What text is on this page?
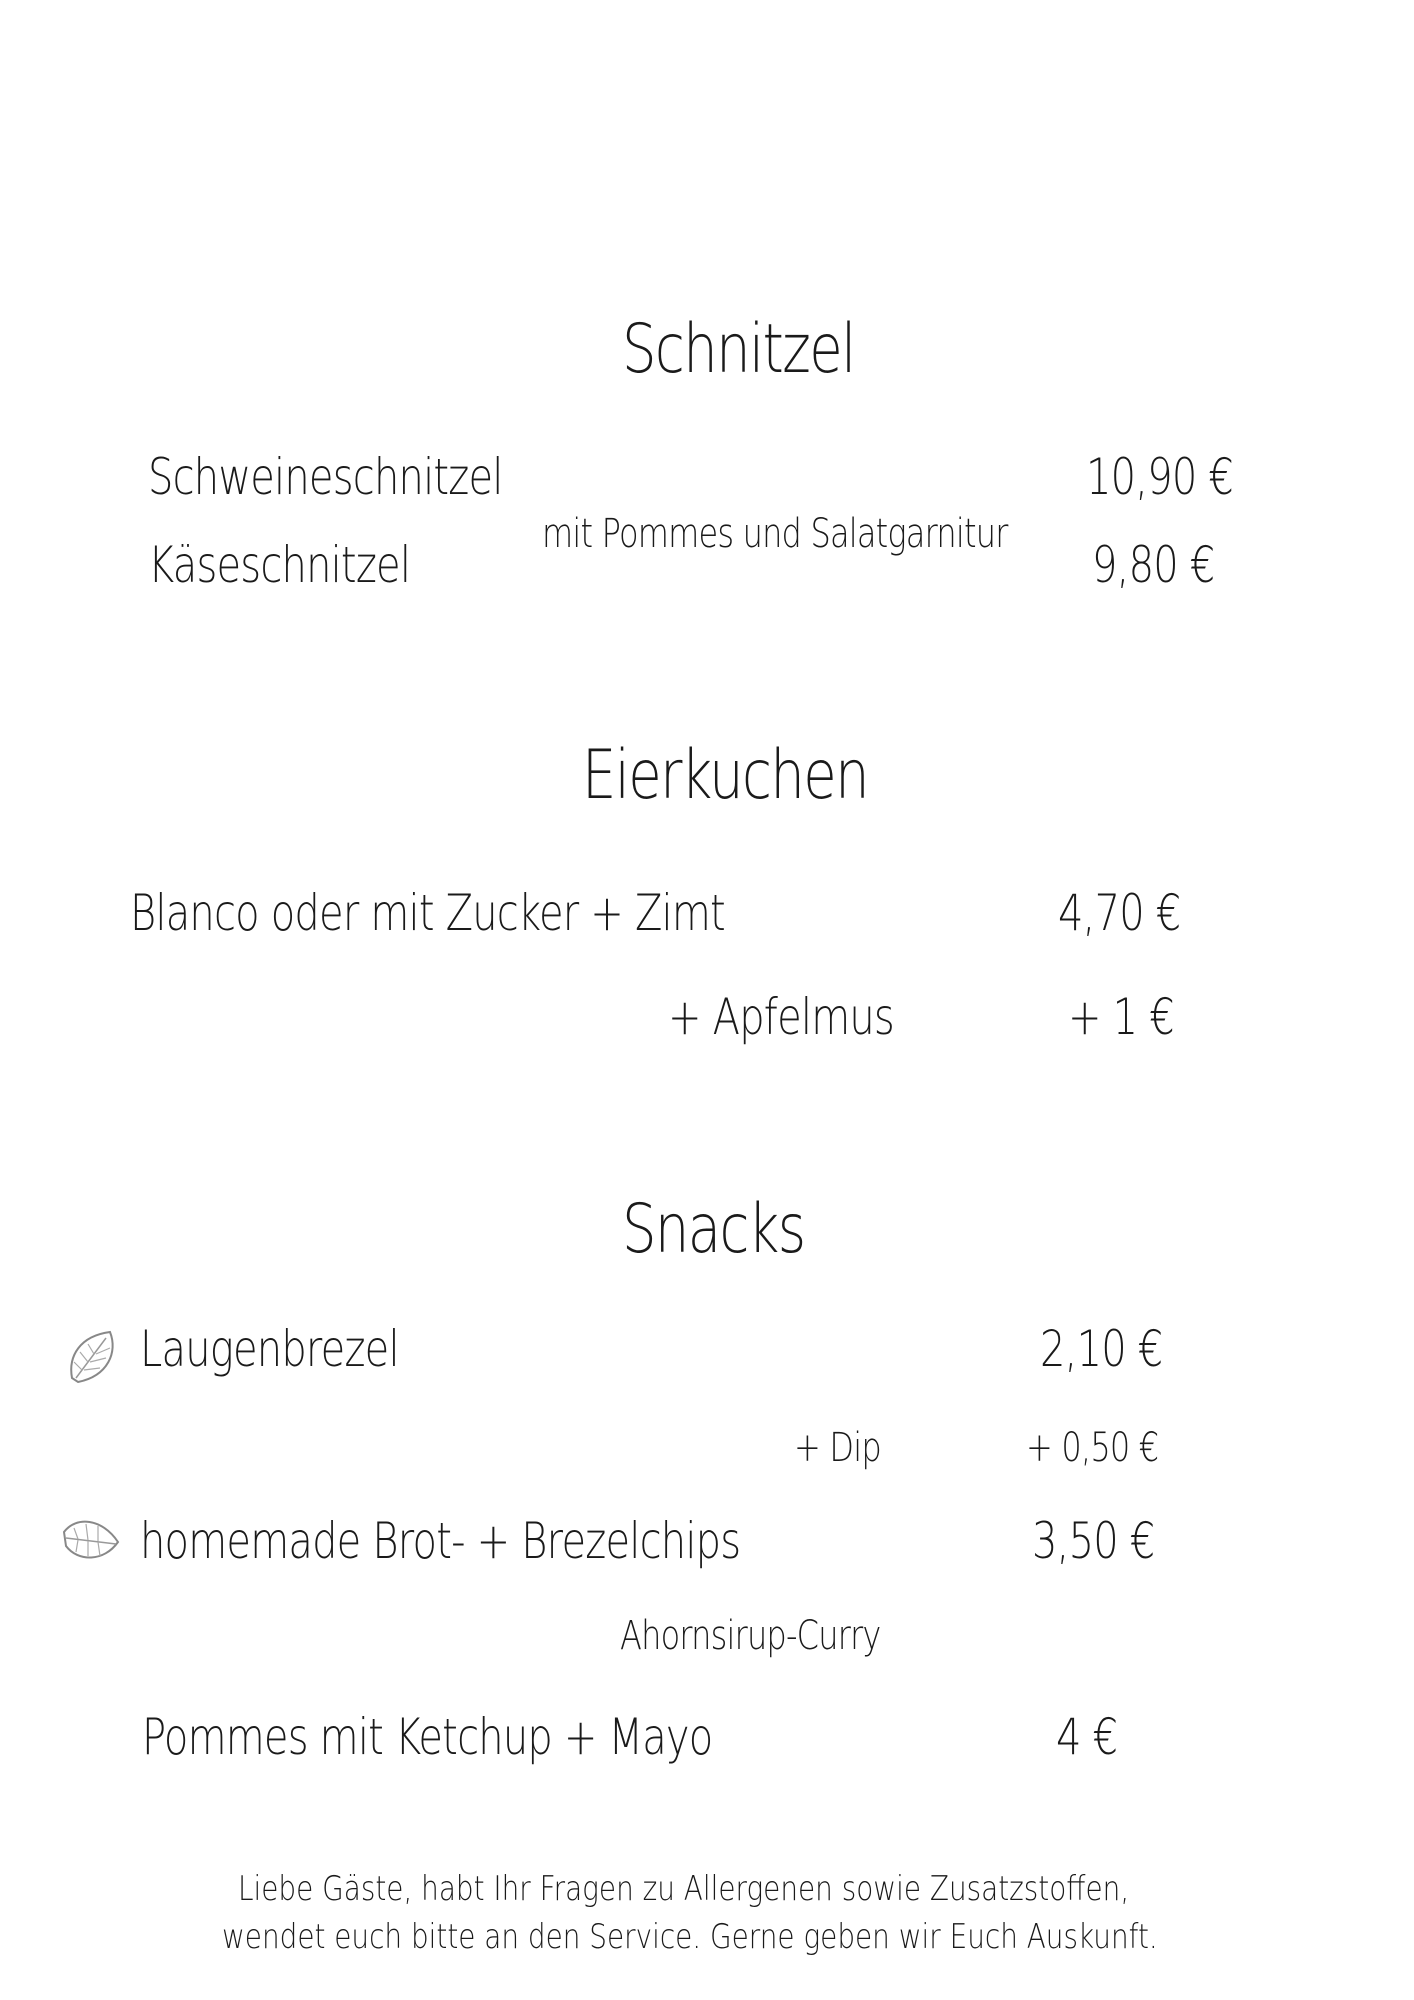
Schnitzel
Schweineschnitzel	10,90 €
mit Pommes und Salatgarnitur
Käseschnitzel	9,80 €
Eierkuchen
Blanco oder mit Zucker + Zimt	4,70 €
+ Apfelmus	+ 1 €
Snacks
Laugenbrezel	2,10 €
+ Dip	+ 0,50 €
homemade Brot- + Brezelchips	3,50 €
Ahornsirup-Curry
Pommes mit Ketchup + Mayo	4 €
Liebe Gäste, habt Ihr Fragen zu Allergenen sowie Zusatzstoffen,
wendet euch bitte an den Service. Gerne geben wir Euch Auskunft.
